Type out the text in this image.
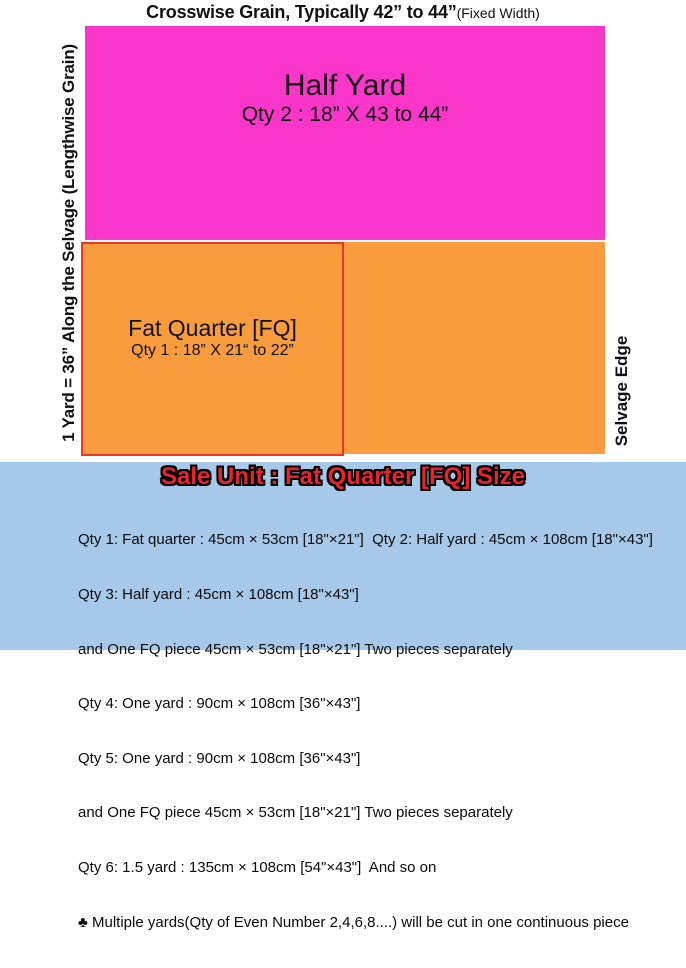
Crosswise Grain, Typically 42” to 44”(Fixed Width)
Half Yard
Qty 2 : 18” X 43 to 44”
Fat Quarter [FQ]
Qty 1 : 18” X 21“ to 22”
1 Yard = 36” Along the Selvage (Lengthwise Grain)	Selvage Edge
Sale Unit : Fat Quarter [FQ] Size

Qty 1: Fat quarter : 45cm × 53cm [18"×21"]  Qty 2: Half yard : 45cm × 108cm [18"×43"]

Qty 3: Half yard : 45cm × 108cm [18"×43"]

and One FQ piece 45cm × 53cm [18"×21"] Two pieces separately

Qty 4: One yard : 90cm × 108cm [36"×43"]

Qty 5: One yard : 90cm × 108cm [36"×43"]

and One FQ piece 45cm × 53cm [18"×21"] Two pieces separately

Qty 6: 1.5 yard : 135cm × 108cm [54"×43"]  And so on

♣ Multiple yards(Qty of Even Number 2,4,6,8....) will be cut in one continuous piece
